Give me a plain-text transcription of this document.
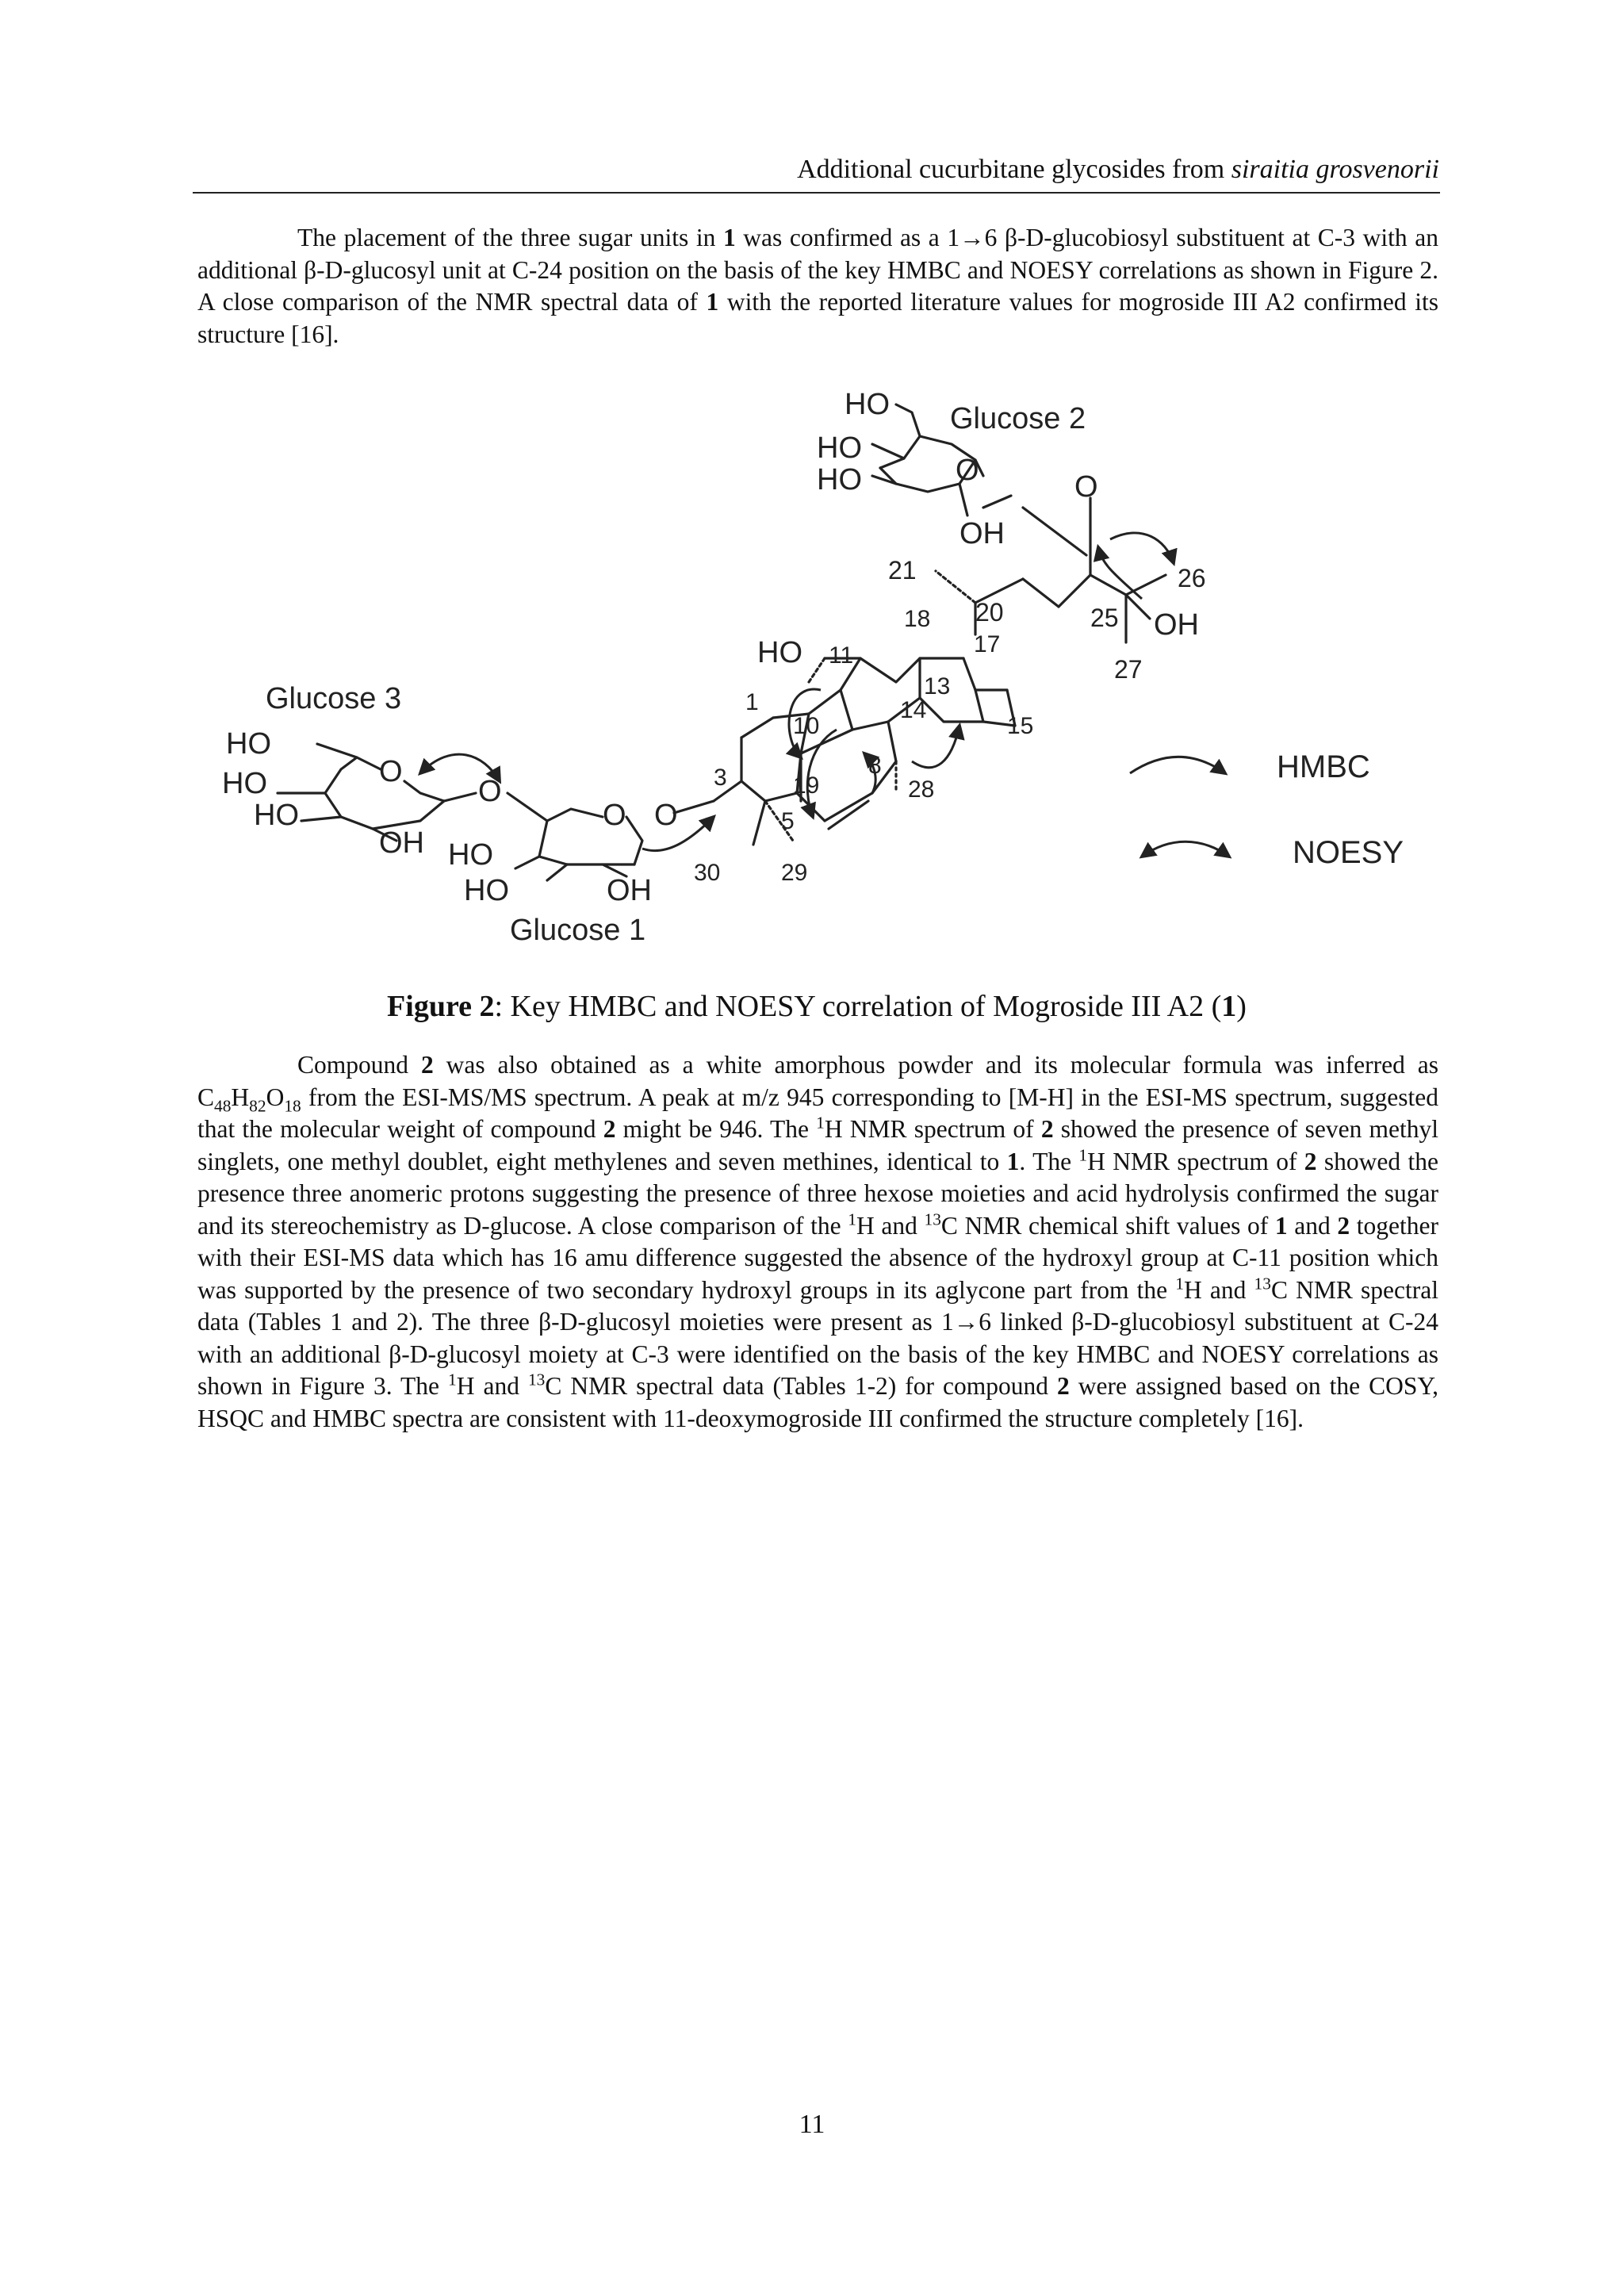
Additional cucurbitane glycosides from siraitia grosvenorii

The placement of the three sugar units in 1 was confirmed as a 1→6 β-D-glucobiosyl substituent at C-3 with an additional β-D-glucosyl unit at C-24 position on the basis of the key HMBC and NOESY correlations as shown in Figure 2. A close comparison of the NMR spectral data of 1 with the reported literature values for mogroside III A2 confirmed its structure [16].

HO
HO
HO	O	O
OH
Glucose 2
21
20
18
17
25
26
OH
27
HO 11
13
14
15
1
10
8
19	28
3
5
30	29
O
O
O
O
HO
HO	OH
HO
HO
HO
OH
Glucose 3
Glucose 1
HMBC
NOESY
Figure 2: Key HMBC and NOESY correlation of Mogroside III A2 (1)

Compound 2 was also obtained as a white amorphous powder and its molecular formula was inferred as $C_{48}H_{82}O_{18}$ from the ESI-MS/MS spectrum. A peak at m/z 945 corresponding to [M-H] in the ESI-MS spectrum, suggested that the molecular weight of compound 2 might be 946. The $^1$H NMR spectrum of 2 showed the presence of seven methyl singlets, one methyl doublet, eight methylenes and seven methines, identical to 1. The $^1$H NMR spectrum of 2 showed the presence three anomeric protons suggesting the presence of three hexose moieties and acid hydrolysis confirmed the sugar and its stereochemistry as D-glucose. A close comparison of the $^1$H and $^{13}$C NMR chemical shift values of 1 and 2 together with their ESI-MS data which has 16 amu difference suggested the absence of the hydroxyl group at C-11 position which was supported by the presence of two secondary hydroxyl groups in its aglycone part from the $^1$H and $^{13}$C NMR spectral data (Tables 1 and 2). The three β-D-glucosyl moieties were present as 1→6 linked β-D-glucobiosyl substituent at C-24 with an additional β-D-glucosyl moiety at C-3 were identified on the basis of the key HMBC and NOESY correlations as shown in Figure 3. The $^1$H and $^{13}$C NMR spectral data (Tables 1-2) for compound 2 were assigned based on the COSY, HSQC and HMBC spectra are consistent with 11-deoxymogroside III confirmed the structure completely [16].

11
